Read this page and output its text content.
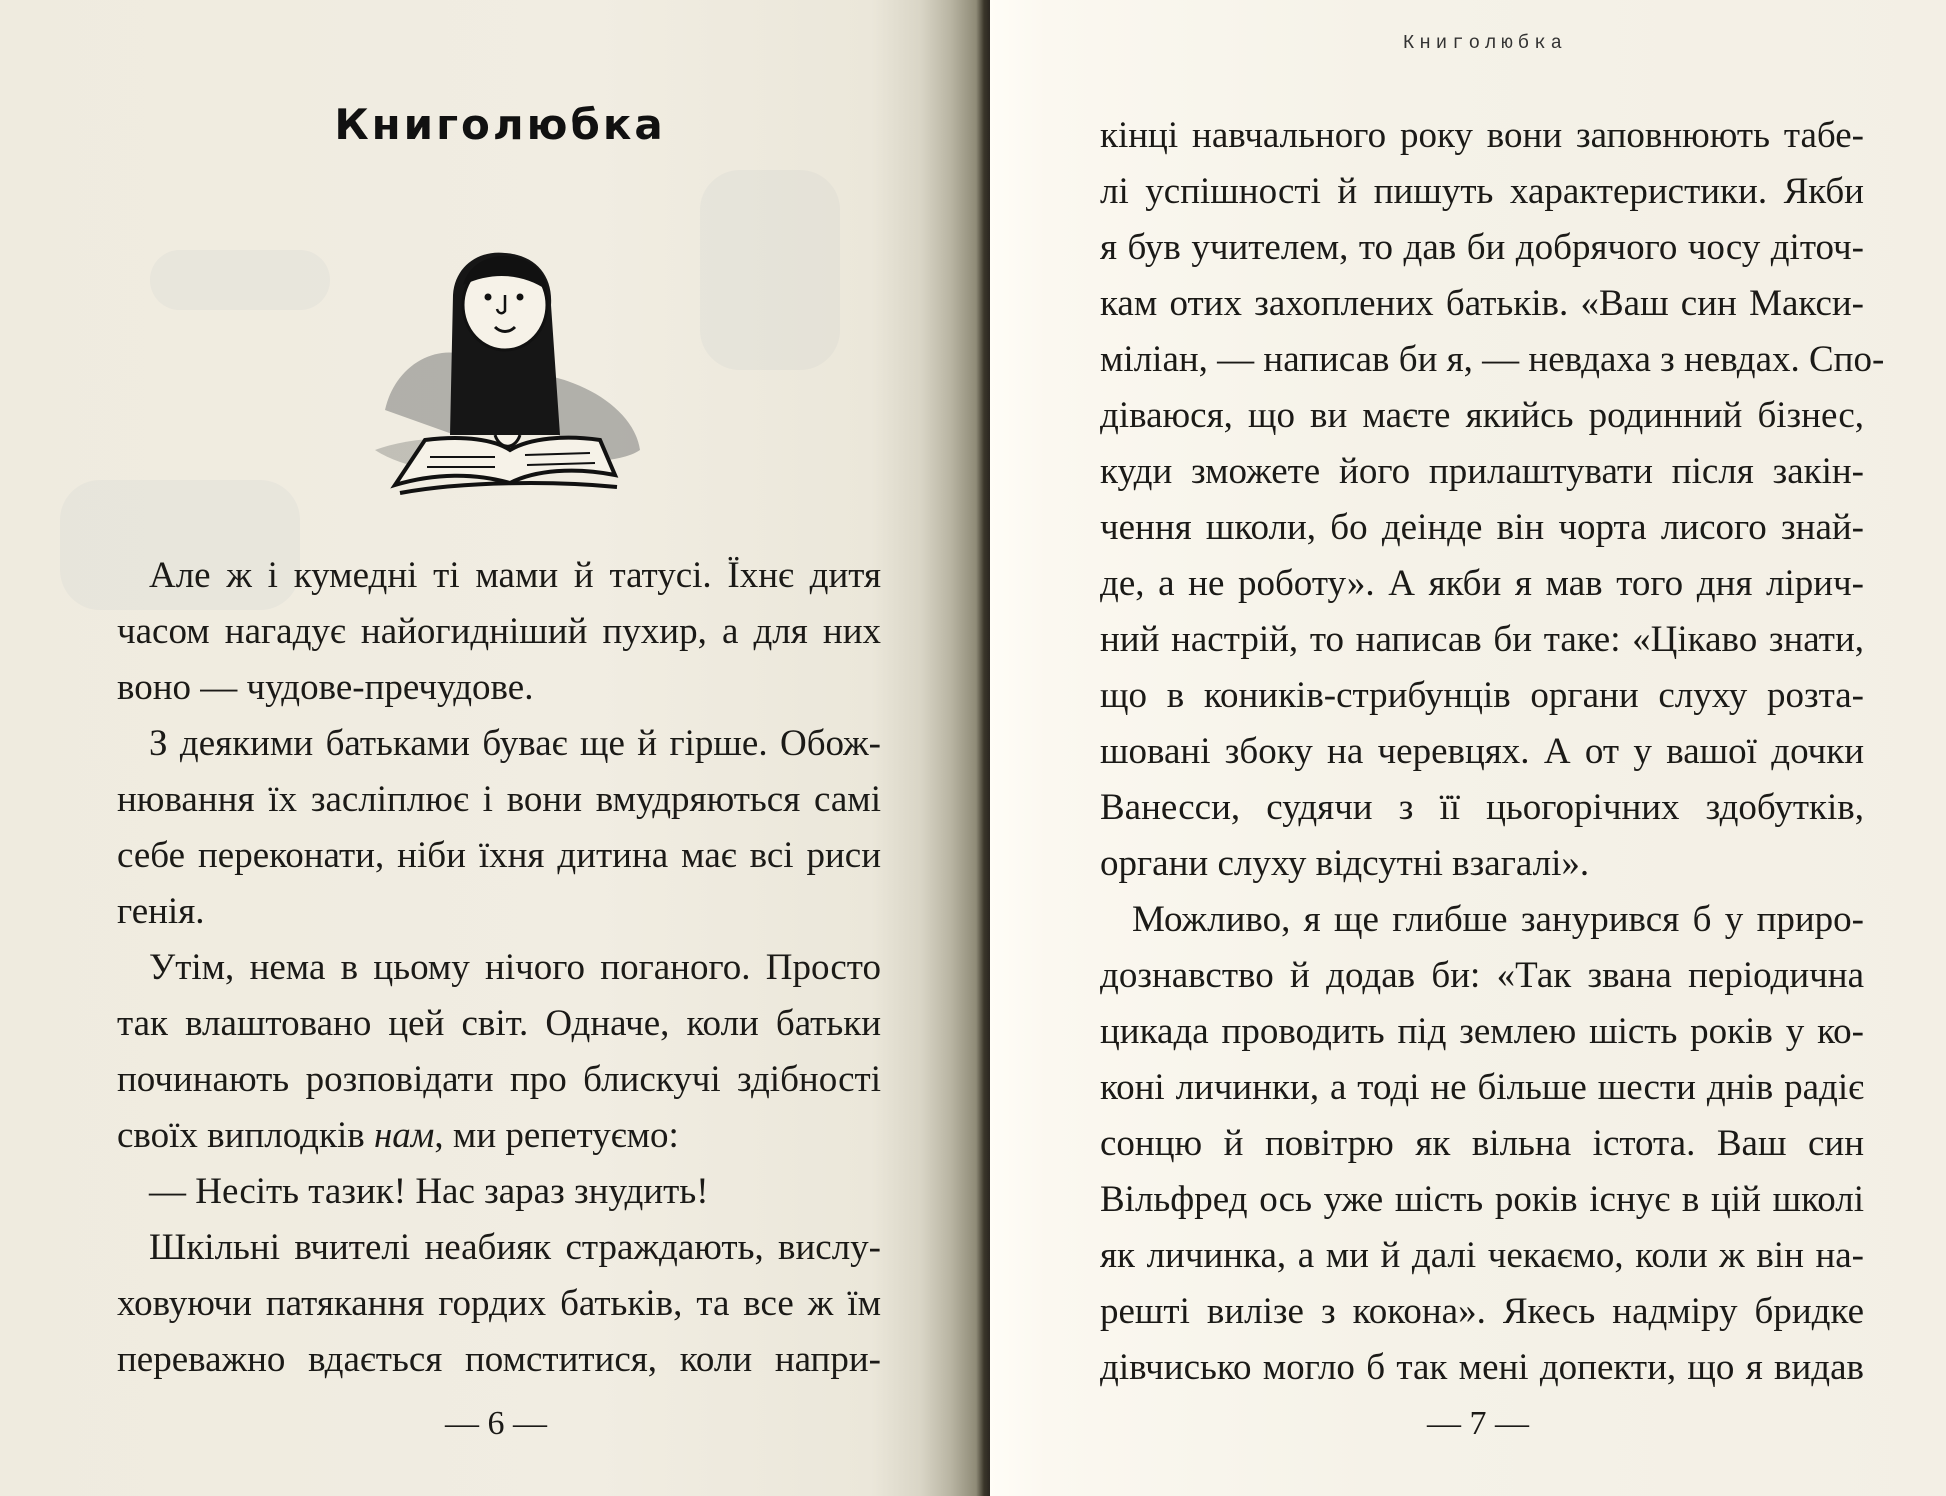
Книголюбка
Але ж і кумедні ті мами й татусі. Їхнє дитя
часом нагадує найогидніший пухир, а для них
воно — чудове-пречудове.
З деякими батьками буває ще й гірше. Обож-
нювання їх засліплює і вони вмудряються самі
себе переконати, ніби їхня дитина має всі риси
генія.
Утім, нема в цьому нічого поганого. Просто
так влаштовано цей світ. Одначе, коли батьки
починають розповідати про блискучі здібності
своїх виплодків нам, ми репетуємо:
— Несіть тазик! Нас зараз знудить!
Шкільні вчителі неабияк страждають, вислу-
ховуючи патякання гордих батьків, та все ж їм
переважно вдається помститися, коли напри-
— 6 —
Книголюбка
кінці навчального року вони заповнюють табе-
лі успішності й пишуть характеристики. Якби
я був учителем, то дав би добрячого чосу діточ-
кам отих захоплених батьків. «Ваш син Макси-
міліан, — написав би я, — невдаха з невдах. Спо-
діваюся, що ви маєте якийсь родинний бізнес,
куди зможете його прилаштувати після закін-
чення школи, бо деінде він чорта лисого знай-
де, а не роботу». А якби я мав того дня лірич-
ний настрій, то написав би таке: «Цікаво знати,
що в коників-стрибунців органи слуху розта-
шовані збоку на черевцях. А от у вашої дочки
Ванесси, судячи з її цьогорічних здобутків,
органи слуху відсутні взагалі».
Можливо, я ще глибше занурився б у приро-
дознавство й додав би: «Так звана періодична
цикада проводить під землею шість років у ко-
коні личинки, а тоді не більше шести днів радіє
сонцю й повітрю як вільна істота. Ваш син
Вільфред ось уже шість років існує в цій школі
як личинка, а ми й далі чекаємо, коли ж він на-
решті вилізе з кокона». Якесь надміру бридке
дівчисько могло б так мені допекти, що я видав
— 7 —
